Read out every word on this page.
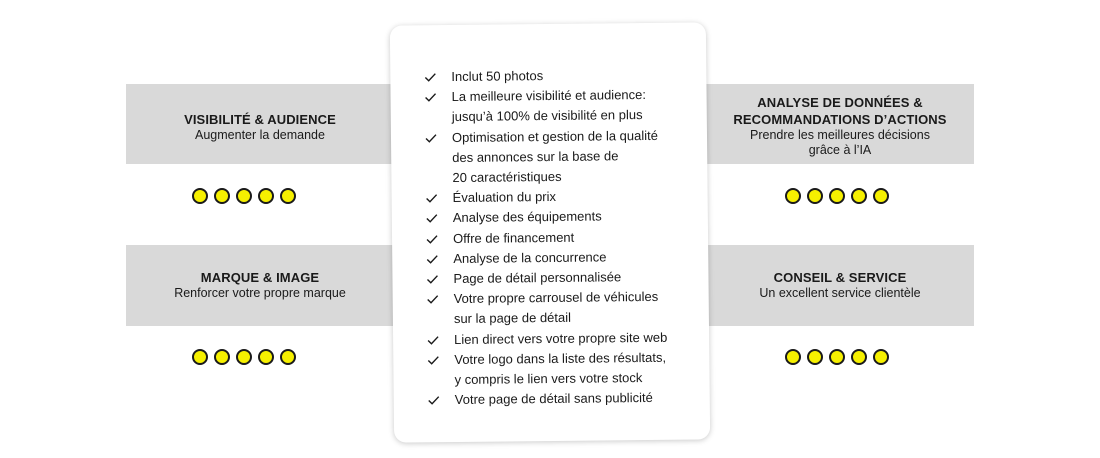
VISIBILITÉ & AUDIENCE
Augmenter la demande
MARQUE & IMAGE
Renforcer votre propre marque
ANALYSE DE DONNÉES &
RECOMMANDATIONS D’ACTIONS
Prendre les meilleures décisions
grâce à l’IA
CONSEIL & SERVICE
Un excellent service clientèle
Inclut 50 photos
La meilleure visibilité et audience:
jusqu’à 100% de visibilité en plus
Optimisation et gestion de la qualité
des annonces sur la base de
20 caractéristiques
Évaluation du prix
Analyse des équipements
Offre de financement
Analyse de la concurrence
Page de détail personnalisée
Votre propre carrousel de véhicules
sur la page de détail
Lien direct vers votre propre site web
Votre logo dans la liste des résultats,
y compris le lien vers votre stock
Votre page de détail sans publicité
